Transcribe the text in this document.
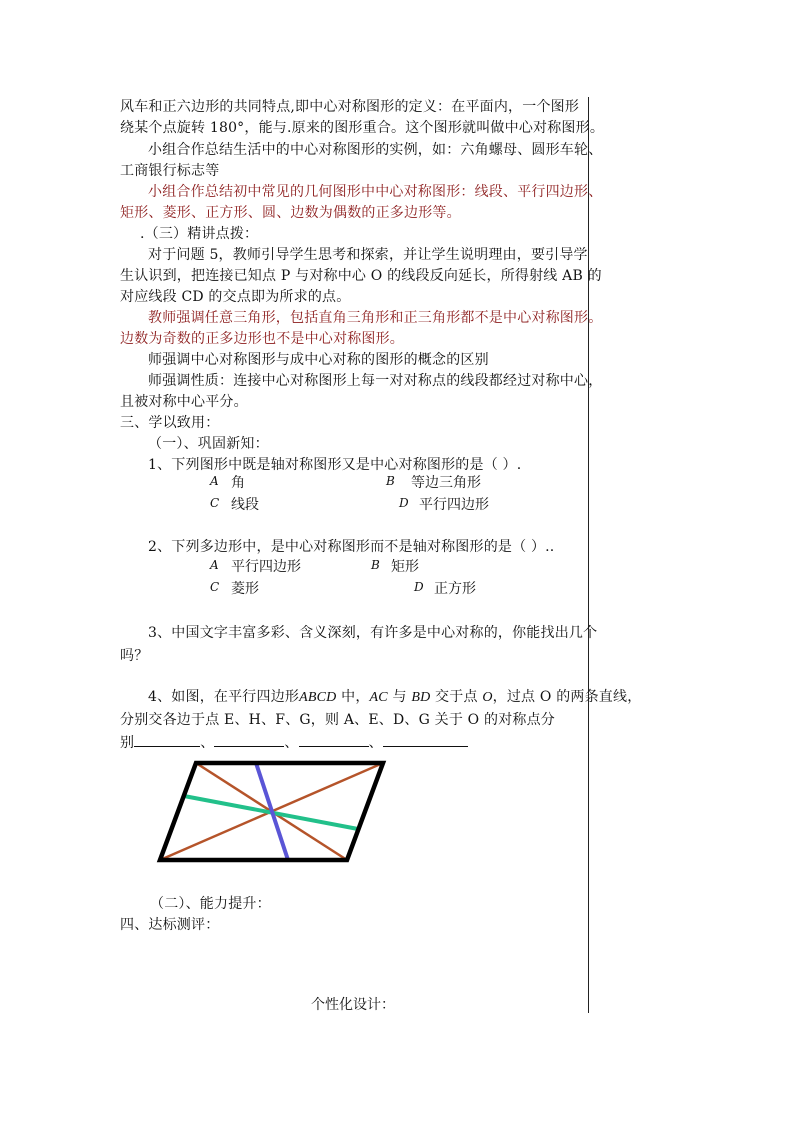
风车和正六边形的共同特点,即中心对称图形的定义：在平面内，一个图形
绕某个点旋转 180°，能与.原来的图形重合。这个图形就叫做中心对称图形。
小组合作总结生活中的中心对称图形的实例，如：六角螺母、圆形车轮、
工商银行标志等
小组合作总结初中常见的几何图形中中心对称图形：线段、平行四边形、
矩形、菱形、正方形、圆、边数为偶数的正多边形等。
.（三）精讲点拨：
对于问题 5，教师引导学生思考和探索，并让学生说明理由，要引导学
生认识到，把连接已知点 P 与对称中心 O 的线段反向延长，所得射线 AB 的
对应线段 CD 的交点即为所求的点。
教师强调任意三角形，包括直角三角形和正三角形都不是中心对称图形。
边数为奇数的正多边形也不是中心对称图形。
师强调中心对称图形与成中心对称的图形的概念的区别
师强调性质：连接中心对称图形上每一对对称点的线段都经过对称中心，
且被对称中心平分。
三、学以致用：
（一）、巩固新知：
1、下列图形中既是轴对称图形又是中心对称图形的是（ ）.
A 角	B 等边三角形
C 线段	D 平行四边形
2、下列多边形中，是中心对称图形而不是轴对称图形的是（ ）..
A 平行四边形	B 矩形
C 菱形	D 正方形
3、中国文字丰富多彩、含义深刻，有许多是中心对称的，你能找出几个
吗？
4、如图，在平行四边形ABCD 中，AC 与 BD 交于点 O，过点 O 的两条直线，
分别交各边于点 E、H、F、G，则 A、E、D、G 关于 O 的对称点分
别	、	、	、
（二）、能力提升：
四、达标测评：
个性化设计：
